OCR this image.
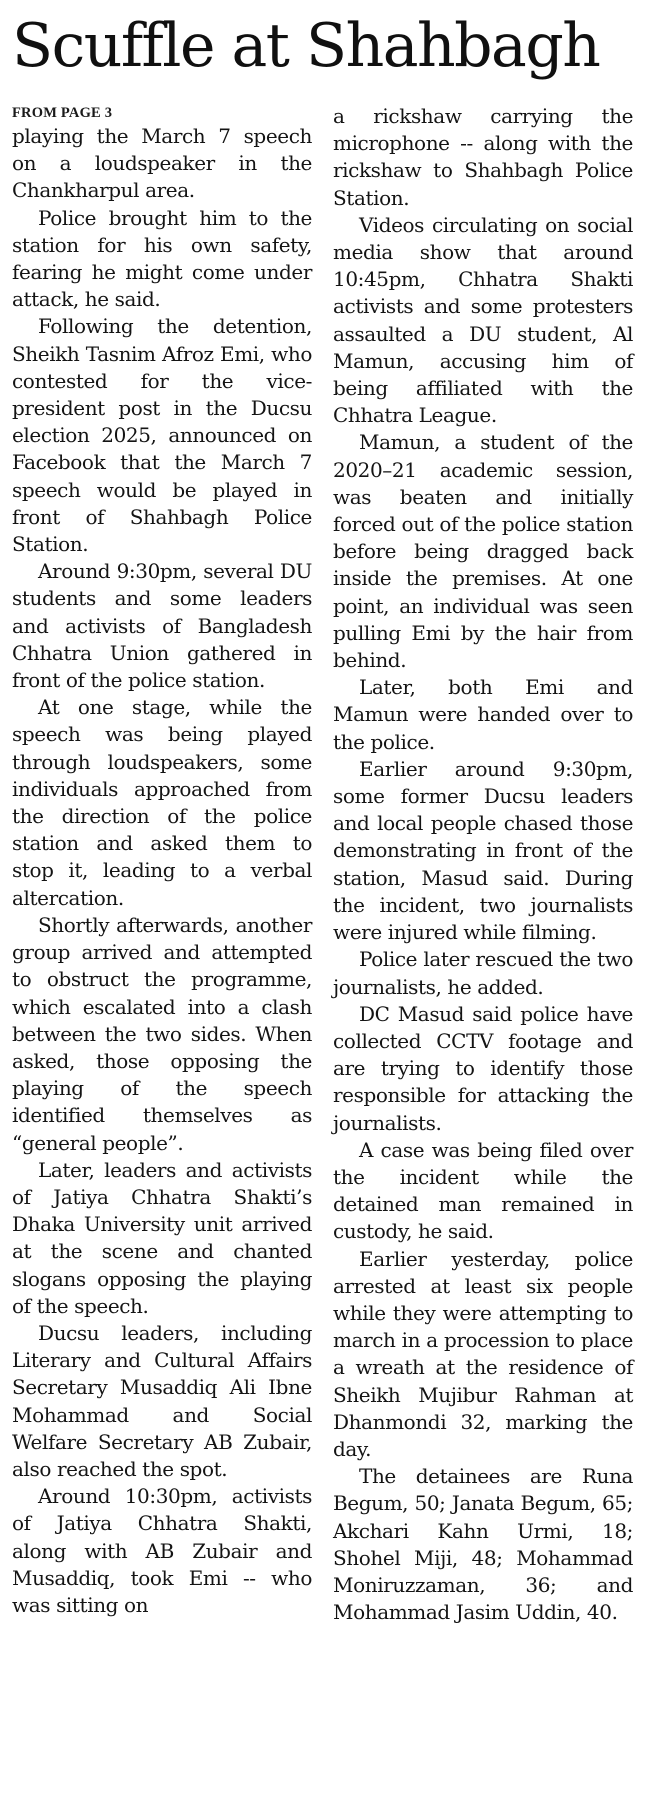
Scuffle at Shahbagh
FROM PAGE 3

playing the March 7 speech on a loudspeaker in the Chankharpul area.

Police brought him to the station for his own safety, fearing he might come under attack, he said.

Following the detention, Sheikh Tasnim Afroz Emi, who contested for the vice-president post in the Ducsu election 2025, announced on Facebook that the March 7 speech would be played in front of Shahbagh Police Station.

Around 9:30pm, several DU students and some leaders and activists of Bangladesh Chhatra Union gathered in front of the police station.

At one stage, while the speech was being played through loudspeakers, some individuals approached from the direction of the police station and asked them to stop it, leading to a verbal altercation.

Shortly afterwards, another group arrived and attempted to obstruct the programme, which escalated into a clash between the two sides. When asked, those opposing the playing of the speech identified themselves as “general people”.

Later, leaders and activists of Jatiya Chhatra Shakti’s Dhaka University unit arrived at the scene and chanted slogans opposing the playing of the speech.

Ducsu leaders, including Literary and Cultural Affairs Secretary Musaddiq Ali Ibne Mohammad and Social Welfare Secretary AB Zubair, also reached the spot.

Around 10:30pm, activists of Jatiya Chhatra Shakti, along with AB Zubair and Musaddiq, took Emi -- who was sitting on

a rickshaw carrying the microphone -- along with the rickshaw to Shahbagh Police Station.

Videos circulating on social media show that around 10:45pm, Chhatra Shakti activists and some protesters assaulted a DU student, Al Mamun, accusing him of being affiliated with the Chhatra League.

Mamun, a student of the 2020–21 academic session, was beaten and initially forced out of the police station before being dragged back inside the premises. At one point, an individual was seen pulling Emi by the hair from behind.

Later, both Emi and Mamun were handed over to the police.

Earlier around 9:30pm, some former Ducsu leaders and local people chased those demonstrating in front of the station, Masud said. During the incident, two journalists were injured while filming.

Police later rescued the two journalists, he added.

DC Masud said police have collected CCTV footage and are trying to identify those responsible for attacking the journalists.

A case was being filed over the incident while the detained man remained in custody, he said.

Earlier yesterday, police arrested at least six people while they were attempting to march in a procession to place a wreath at the residence of Sheikh Mujibur Rahman at Dhanmondi 32, marking the day.

The detainees are Runa Begum, 50; Janata Begum, 65; Akchari Kahn Urmi, 18; Shohel Miji, 48; Mohammad Moniruzzaman, 36; and Mohammad Jasim Uddin, 40.
